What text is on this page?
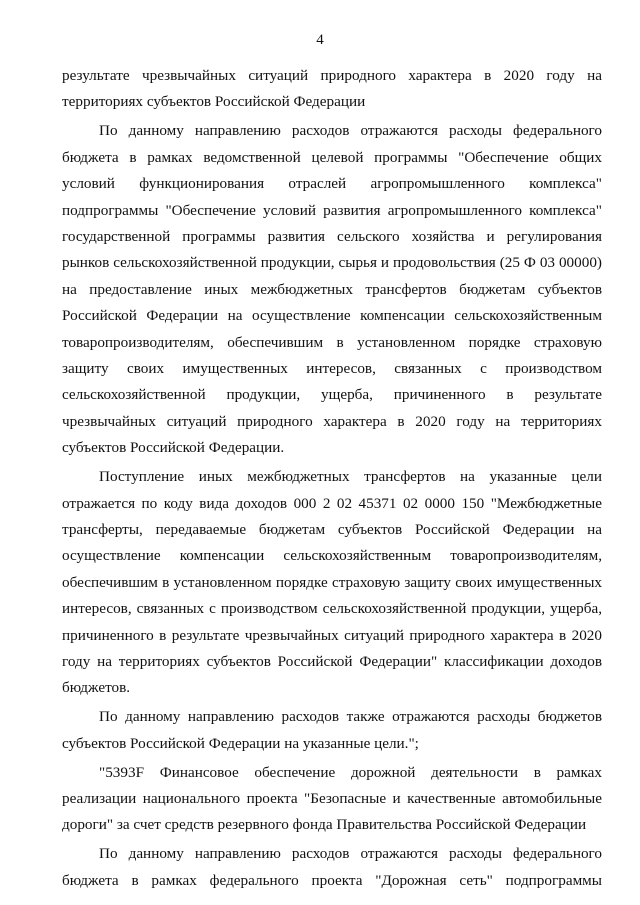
4

результате чрезвычайных ситуаций природного характера в 2020 году на территориях субъектов Российской Федерации

По данному направлению расходов отражаются расходы федерального бюджета в рамках ведомственной целевой программы "Обеспечение общих условий функционирования отраслей агропромышленного комплекса" подпрограммы "Обеспечение условий развития агропромышленного комплекса" государственной программы развития сельского хозяйства и регулирования рынков сельскохозяйственной продукции, сырья и продовольствия (25 Ф 03 00000) на предоставление иных межбюджетных трансфертов бюджетам субъектов Российской Федерации на осуществление компенсации сельскохозяйственным товаропроизводителям, обеспечившим в установленном порядке страховую защиту своих имущественных интересов, связанных с производством сельскохозяйственной продукции, ущерба, причиненного в результате чрезвычайных ситуаций природного характера в 2020 году на территориях субъектов Российской Федерации.

Поступление иных межбюджетных трансфертов на указанные цели отражается по коду вида доходов 000 2 02 45371 02 0000 150 "Межбюджетные трансферты, передаваемые бюджетам субъектов Российской Федерации на осуществление компенсации сельскохозяйственным товаропроизводителям, обеспечившим в установленном порядке страховую защиту своих имущественных интересов, связанных с производством сельскохозяйственной продукции, ущерба, причиненного в результате чрезвычайных ситуаций природного характера в 2020 году на территориях субъектов Российской Федерации" классификации доходов бюджетов.

По данному направлению расходов также отражаются расходы бюджетов субъектов Российской Федерации на указанные цели.";

"5393F Финансовое обеспечение дорожной деятельности в рамках реализации национального проекта "Безопасные и качественные автомобильные дороги" за счет средств резервного фонда Правительства Российской Федерации

По данному направлению расходов отражаются расходы федерального бюджета в рамках федерального проекта "Дорожная сеть" подпрограммы
